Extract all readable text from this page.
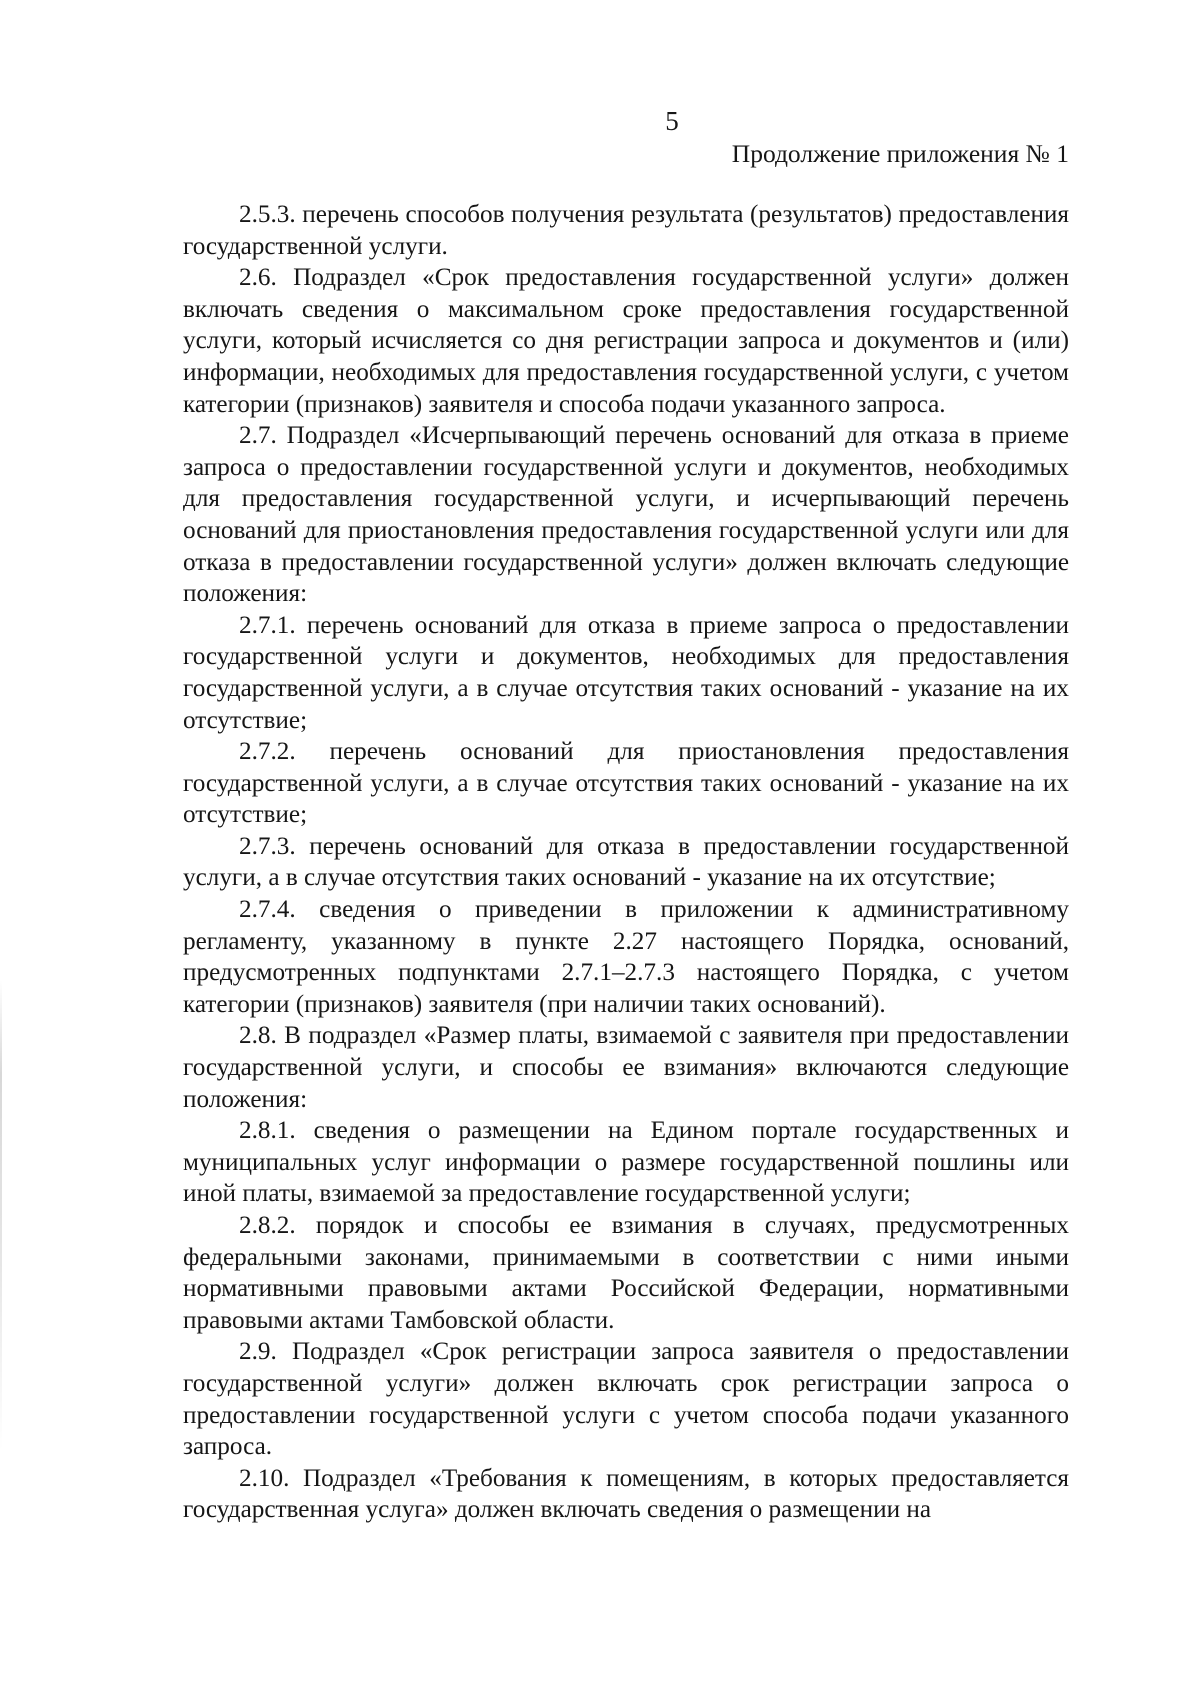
5
Продолжение приложения № 1

2.5.3. перечень способов получения результата (результатов) предоставления государственной услуги.

2.6. Подраздел «Срок предоставления государственной услуги» должен включать сведения о максимальном сроке предоставления государственной услуги, который исчисляется со дня регистрации запроса и документов и (или) информации, необходимых для предоставления государственной услуги, с учетом категории (признаков) заявителя и способа подачи указанного запроса.

2.7. Подраздел «Исчерпывающий перечень оснований для отказа в приеме запроса о предоставлении государственной услуги и документов, необходимых для предоставления государственной услуги, и исчерпывающий перечень оснований для приостановления предоставления государственной услуги или для отказа в предоставлении государственной услуги» должен включать следующие положения:

2.7.1. перечень оснований для отказа в приеме запроса о предоставлении государственной услуги и документов, необходимых для предоставления государственной услуги, а в случае отсутствия таких оснований - указание на их отсутствие;

2.7.2. перечень оснований для приостановления предоставления государственной услуги, а в случае отсутствия таких оснований - указание на их отсутствие;

2.7.3. перечень оснований для отказа в предоставлении государственной услуги, а в случае отсутствия таких оснований - указание на их отсутствие;

2.7.4. сведения о приведении в приложении к административному регламенту, указанному в пункте 2.27 настоящего Порядка, оснований, предусмотренных подпунктами 2.7.1–2.7.3 настоящего Порядка, с учетом категории (признаков) заявителя (при наличии таких оснований).

2.8. В подраздел «Размер платы, взимаемой с заявителя при предоставлении государственной услуги, и способы ее взимания» включаются следующие положения:

2.8.1. сведения о размещении на Едином портале государственных и муниципальных услуг информации о размере государственной пошлины или иной платы, взимаемой за предоставление государственной услуги;

2.8.2. порядок и способы ее взимания в случаях, предусмотренных федеральными законами, принимаемыми в соответствии с ними иными нормативными правовыми актами Российской Федерации, нормативными правовыми актами Тамбовской области.

2.9. Подраздел «Срок регистрации запроса заявителя о предоставлении государственной услуги» должен включать срок регистрации запроса о предоставлении государственной услуги с учетом способа подачи указанного запроса.

2.10. Подраздел «Требования к помещениям, в которых предоставляется государственная услуга» должен включать сведения о размещении на
